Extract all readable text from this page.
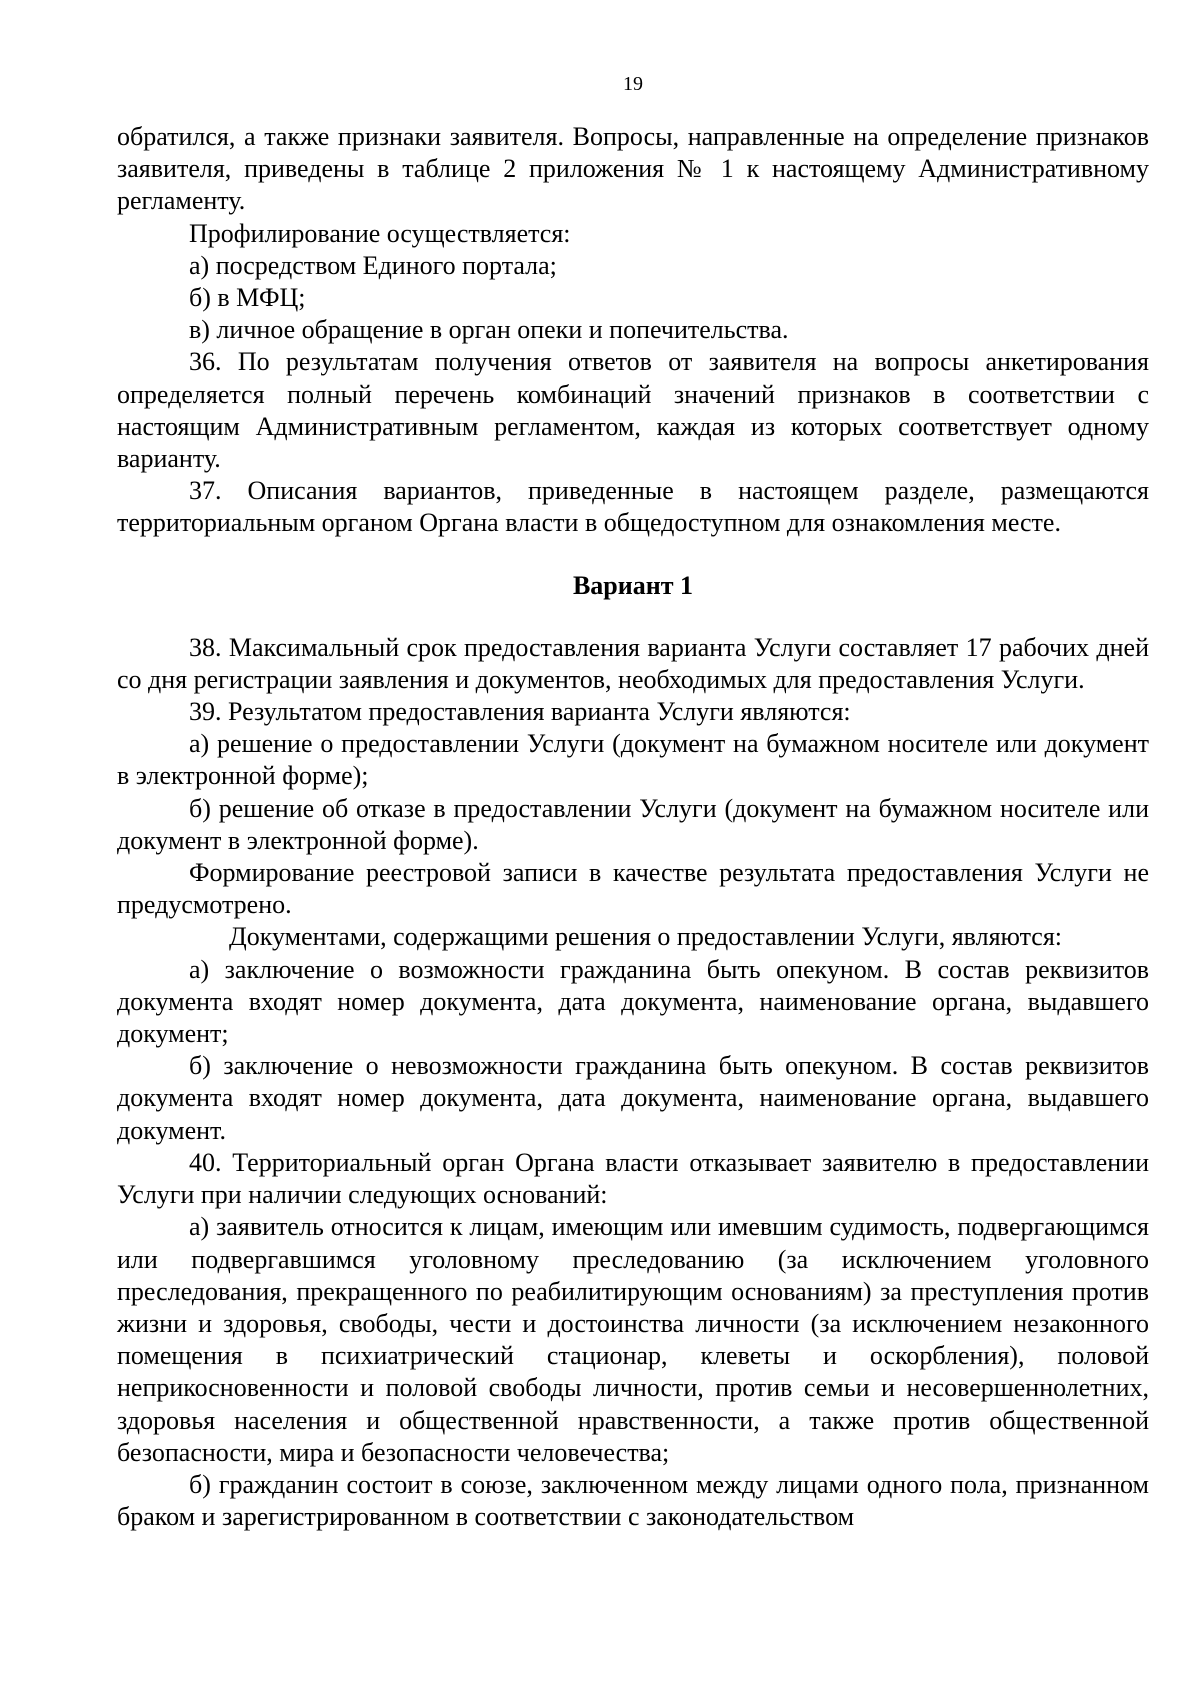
19

обратился, а также признаки заявителя. Вопросы, направленные на определение признаков заявителя, приведены в таблице 2 приложения № 1 к настоящему Административному регламенту.

Профилирование осуществляется:

а) посредством Единого портала;

б) в МФЦ;

в) личное обращение в орган опеки и попечительства.

36. По результатам получения ответов от заявителя на вопросы анкетирования определяется полный перечень комбинаций значений признаков в соответствии с настоящим Административным регламентом, каждая из которых соответствует одному варианту.

37. Описания вариантов, приведенные в настоящем разделе, размещаются территориальным органом Органа власти в общедоступном для ознакомления месте.

Вариант 1

38. Максимальный срок предоставления варианта Услуги составляет 17 рабочих дней со дня регистрации заявления и документов, необходимых для предоставления Услуги.

39. Результатом предоставления варианта Услуги являются:

а) решение о предоставлении Услуги (документ на бумажном носителе или документ в электронной форме);

б) решение об отказе в предоставлении Услуги (документ на бумажном носителе или документ в электронной форме).

Формирование реестровой записи в качестве результата предоставления Услуги не предусмотрено.

Документами, содержащими решения о предоставлении Услуги, являются:

а) заключение о возможности гражданина быть опекуном. В состав реквизитов документа входят номер документа, дата документа, наименование органа, выдавшего документ;

б) заключение о невозможности гражданина быть опекуном. В состав реквизитов документа входят номер документа, дата документа, наименование органа, выдавшего документ.

40. Территориальный орган Органа власти отказывает заявителю в предоставлении Услуги при наличии следующих оснований:

а) заявитель относится к лицам, имеющим или имевшим судимость, подвергающимся или подвергавшимся уголовному преследованию (за исключением уголовного преследования, прекращенного по реабилитирующим основаниям) за преступления против жизни и здоровья, свободы, чести и достоинства личности (за исключением незаконного помещения в психиатрический стационар, клеветы и оскорбления), половой неприкосновенности и половой свободы личности, против семьи и несовершеннолетних, здоровья населения и общественной нравственности, а также против общественной безопасности, мира и безопасности человечества;

б) гражданин состоит в союзе, заключенном между лицами одного пола, признанном браком и зарегистрированном в соответствии с законодательством
